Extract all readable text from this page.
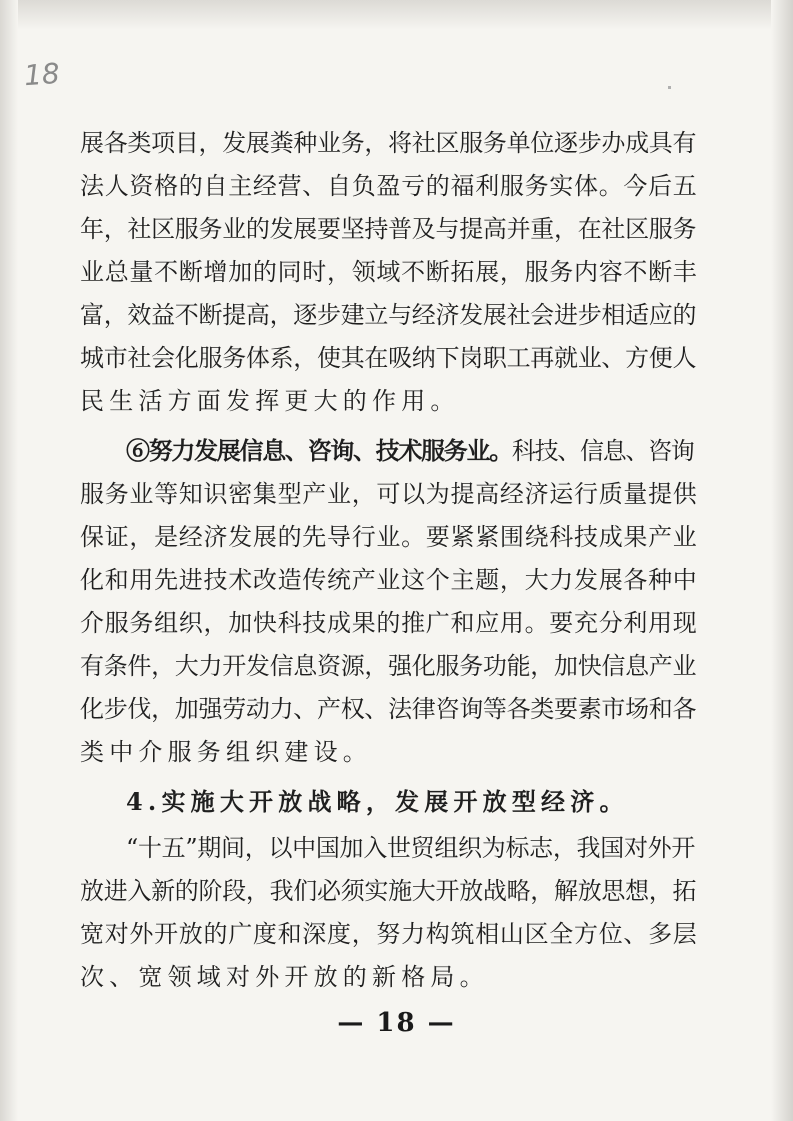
18
展各类项目，发展粪种业务，将社区服务单位逐步办成具有
法人资格的自主经营、自负盈亏的福利服务实体。今后五
年，社区服务业的发展要坚持普及与提高并重，在社区服务
业总量不断增加的同时，领域不断拓展，服务内容不断丰
富，效益不断提高，逐步建立与经济发展社会进步相适应的
城市社会化服务体系，使其在吸纳下岗职工再就业、方便人
民生活方面发挥更大的作用。
⑥努力发展信息、咨询、技术服务业。科技、信息、咨询
服务业等知识密集型产业，可以为提高经济运行质量提供
保证，是经济发展的先导行业。要紧紧围绕科技成果产业
化和用先进技术改造传统产业这个主题，大力发展各种中
介服务组织，加快科技成果的推广和应用。要充分利用现
有条件，大力开发信息资源，强化服务功能，加快信息产业
化步伐，加强劳动力、产权、法律咨询等各类要素市场和各
类中介服务组织建设。
4.实施大开放战略，发展开放型经济。
“十五”期间，以中国加入世贸组织为标志，我国对外开
放进入新的阶段，我们必须实施大开放战略，解放思想，拓
宽对外开放的广度和深度，努力构筑相山区全方位、多层
次、宽领域对外开放的新格局。
— 18 —
